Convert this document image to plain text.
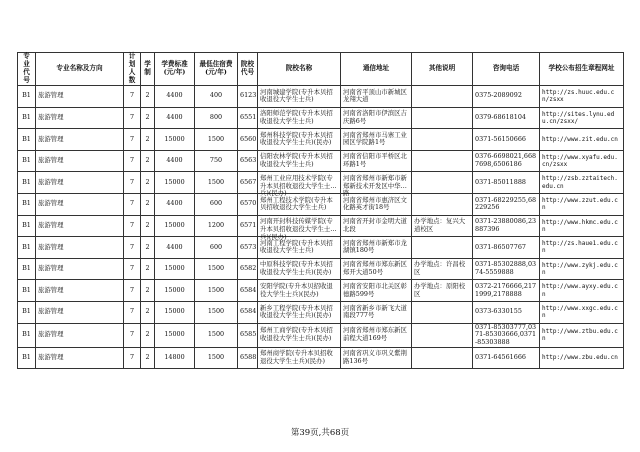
专业代号	专业名称及方向	计划人数	学制	学费标准(元/年)	最低住宿费(元/年)	院校代号	院校名称	通信地址	其他说明	咨询电话	学校公布招生章程网址

B1	旅游管理	7	2	4400	400	6123	河南城建学院(专升本贝招收退役大学生士兵)	河南省平顶山市新城区龙翔大道		0375-2089092	http://zs.huuc.edu.cn/zsxx

B1	旅游管理	7	2	4400	800	6551	洛阳师范学院(专升本贝招收退役大学生士兵)	河南省洛阳市伊滨区吉庆路6号		0379-68618104	http://sites.lynu.edu.cn/zsxx/

B1	旅游管理	7	2	15000	1500	6560	郑州科技学院(专升本贝招收退役大学生士兵)(民办)	河南省郑州市马寨工业园区学院路1号		0371-56150666	http://www.zit.edu.cn

B1	旅游管理	7	2	4400	750	6563	信阳农林学院(专升本贝招收退役大学生士兵)	河南省信阳市平桥区北环路1号		0376-6698021,6687698,6506186	http://www.xyafu.edu.cn/zsxx

B1	旅游管理	7	2	15000	1500	6567	郑州工业应用技术学院(专升本贝招收退役大学生士兵)(民办)	河南省郑州市新郑市新郑新技术开发区中华北路		0371-85011888	http://zsb.zztaitech.edu.cn

B1	旅游管理	7	2	4400	600	6570	郑州工程技术学院(专升本贝招收退役大学生士兵)	河南省郑州市惠济区文化路英才街18号		0371-68229255,68229256	http://www.zzut.edu.cn

B1	旅游管理	7	2	15000	1200	6571	河南开封科技传媒学院(专升本贝招收退役大学生士兵)(民办)	河南省开封市金明大道北段	办学地点：复兴大道校区	0371-23880086,23887396	http://www.hkmc.edu.cn

B1	旅游管理	7	2	4400	600	6573	河南工程学院(专升本贝招收退役大学生士兵)	河南省郑州市新郑市龙湖镇180号		0371-86507767	http://zs.haue1.edu.cn

B1	旅游管理	7	2	15000	1500	6582	中原科技学院(专升本贝招收退役大学生士兵)(民办)	河南省郑州市郑东新区郑开大道50号	办学地点：许昌校区	0371-85302888,0374-5559888	http://www.zykj.edu.cn

B1	旅游管理	7	2	15000	1500	6584	安阳学院(专升本贝招收退役大学生士兵)(民办)	河南省安阳市北关区彰德路599号	办学地点：原阳校区	0372-2176666,2171999,2178888	http://www.ayxy.edu.cn

B1	旅游管理	7	2	15000	1500	6584	新乡工程学院(专升本贝招收退役大学生士兵)(民办)	河南省新乡市新飞大道南段777号		0373-6330155	http://www.xxgc.edu.cn

B1	旅游管理	7	2	15000	1500	6585	郑州工商学院(专升本贝招收退役大学生士兵)(民办)	河南省郑州市郑东新区前程大道169号		0371-85303777,0371-85303666,0371-85303888	http://www.ztbu.edu.cn

B1	旅游管理	7	2	14800	1500	6588	郑州商学院(专升本贝招收退役大学生士兵)(民办)	河南省巩义市巩义紫荆路136号		0371-64561666	http://www.zbu.edu.cn
第39页,共68页
